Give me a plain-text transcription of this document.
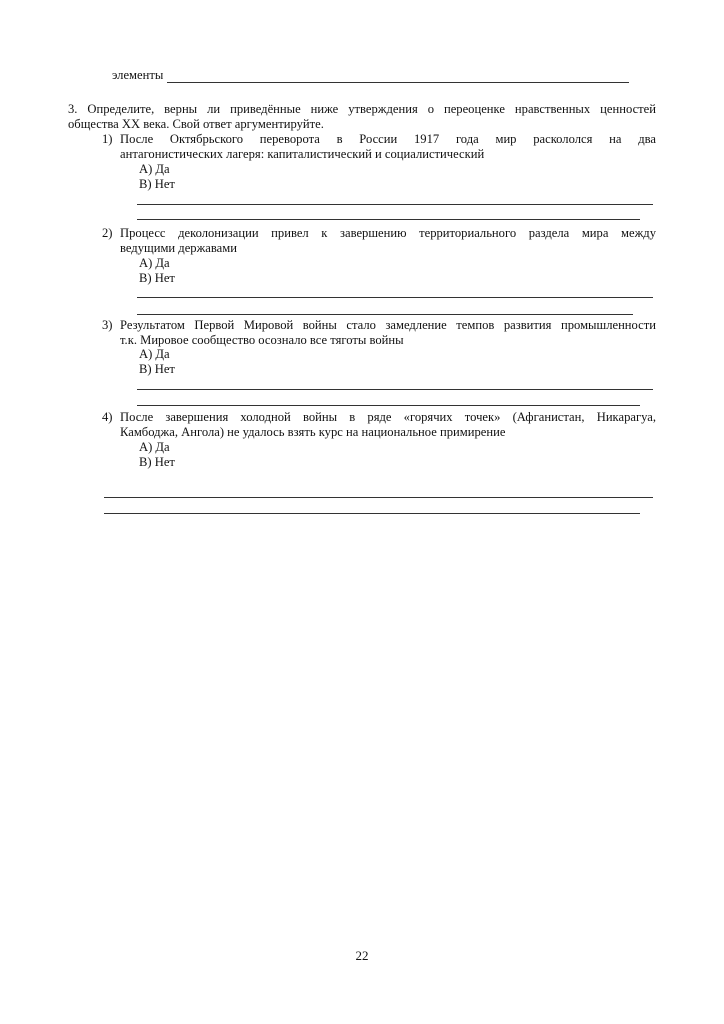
элементы
3. Определите, верны ли приведённые ниже утверждения о переоценке нравственных ценностей
общества XX века. Свой ответ аргументируйте.
1) После Октябрьского переворота в России 1917 года мир раскололся на два
антагонистических лагеря: капиталистический и социалистический
А) Да
В) Нет
2) Процесс деколонизации привел к завершению территориального раздела мира между
ведущими державами
А) Да
В) Нет
3) Результатом Первой Мировой войны стало замедление темпов развития промышленности
т.к. Мировое сообщество осознало все тяготы войны
А) Да
В) Нет
4) После завершения холодной войны в ряде «горячих точек» (Афганистан, Никарагуа,
Камбоджа, Ангола) не удалось взять курс на национальное примирение
А) Да
В) Нет
22
